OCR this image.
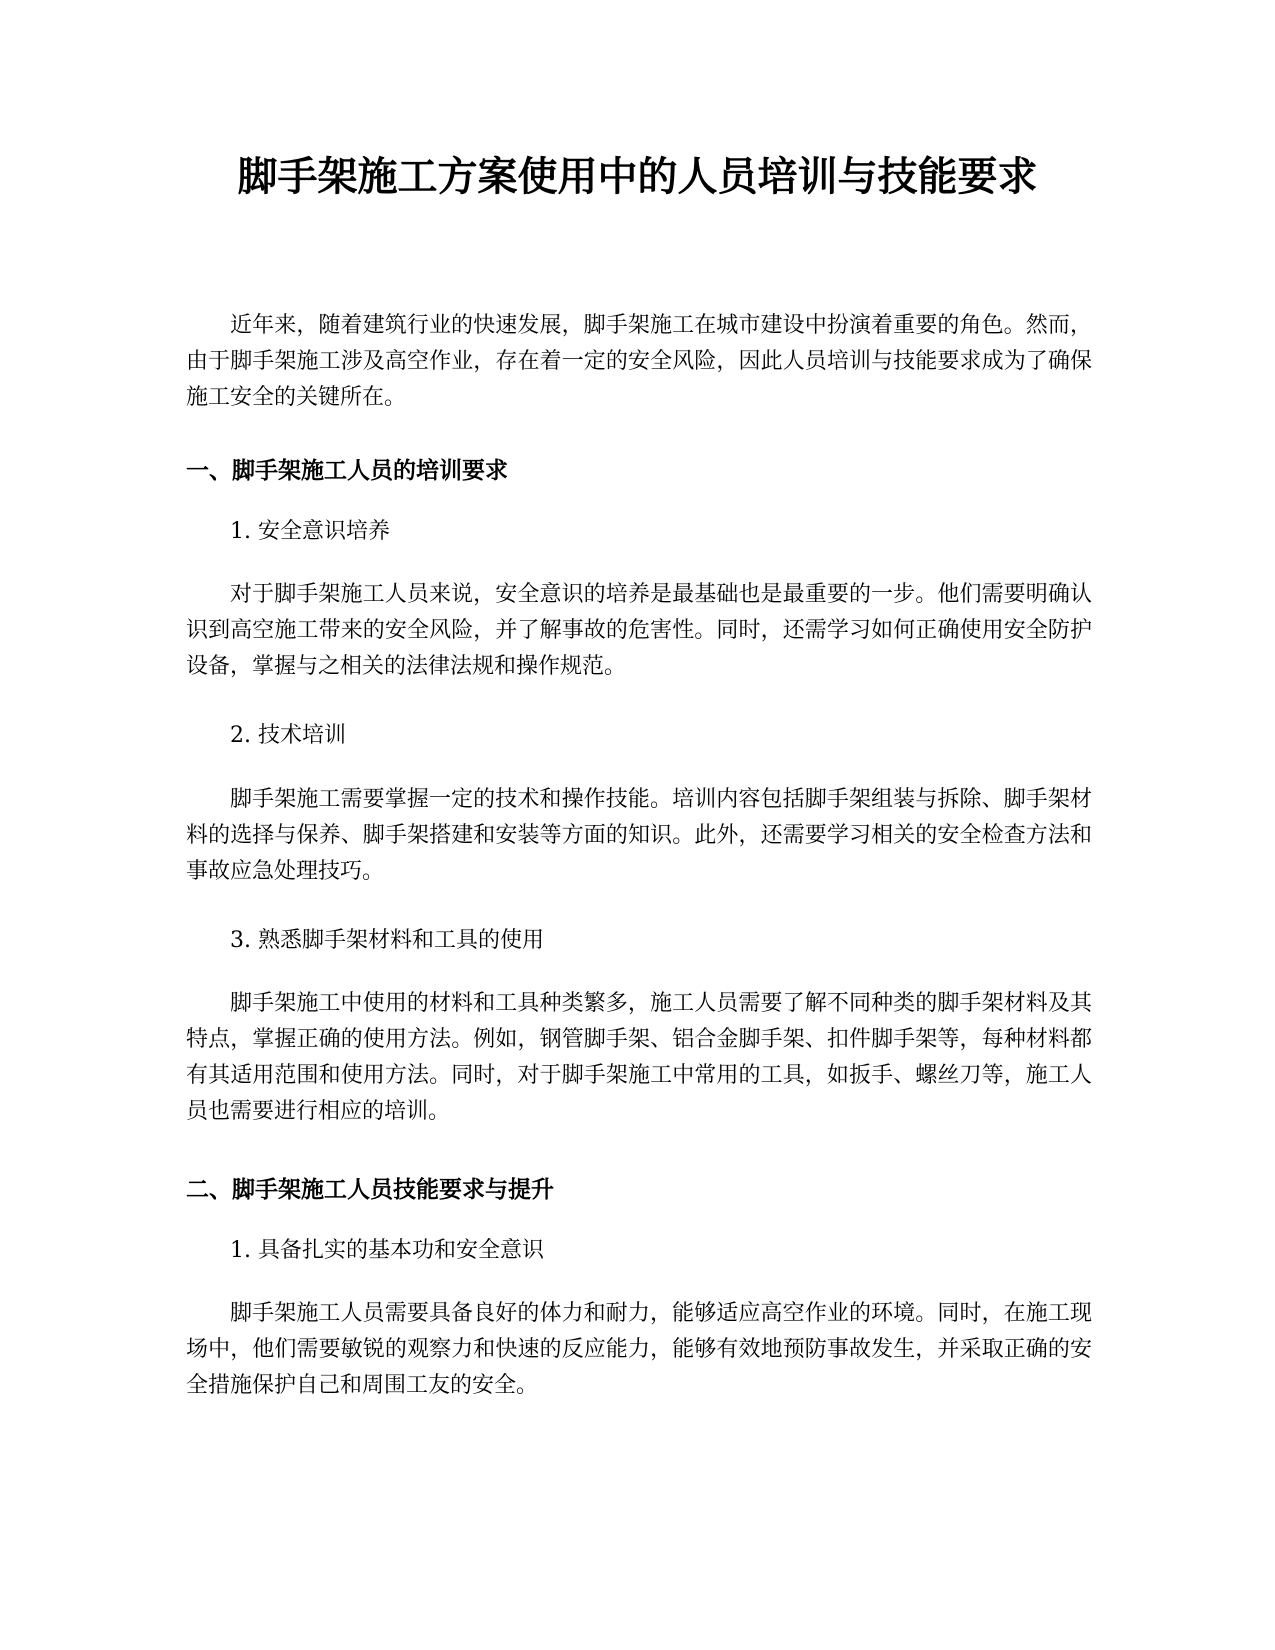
脚手架施工方案使用中的人员培训与技能要求

近年来，随着建筑行业的快速发展，脚手架施工在城市建设中扮演着重要的角色。然而，由于脚手架施工涉及高空作业，存在着一定的安全风险，因此人员培训与技能要求成为了确保施工安全的关键所在。

一、脚手架施工人员的培训要求

1. 安全意识培养

对于脚手架施工人员来说，安全意识的培养是最基础也是最重要的一步。他们需要明确认识到高空施工带来的安全风险，并了解事故的危害性。同时，还需学习如何正确使用安全防护设备，掌握与之相关的法律法规和操作规范。

2. 技术培训

脚手架施工需要掌握一定的技术和操作技能。培训内容包括脚手架组装与拆除、脚手架材料的选择与保养、脚手架搭建和安装等方面的知识。此外，还需要学习相关的安全检查方法和事故应急处理技巧。

3. 熟悉脚手架材料和工具的使用

脚手架施工中使用的材料和工具种类繁多，施工人员需要了解不同种类的脚手架材料及其特点，掌握正确的使用方法。例如，钢管脚手架、铝合金脚手架、扣件脚手架等，每种材料都有其适用范围和使用方法。同时，对于脚手架施工中常用的工具，如扳手、螺丝刀等，施工人员也需要进行相应的培训。

二、脚手架施工人员技能要求与提升

1. 具备扎实的基本功和安全意识

脚手架施工人员需要具备良好的体力和耐力，能够适应高空作业的环境。同时，在施工现场中，他们需要敏锐的观察力和快速的反应能力，能够有效地预防事故发生，并采取正确的安全措施保护自己和周围工友的安全。
